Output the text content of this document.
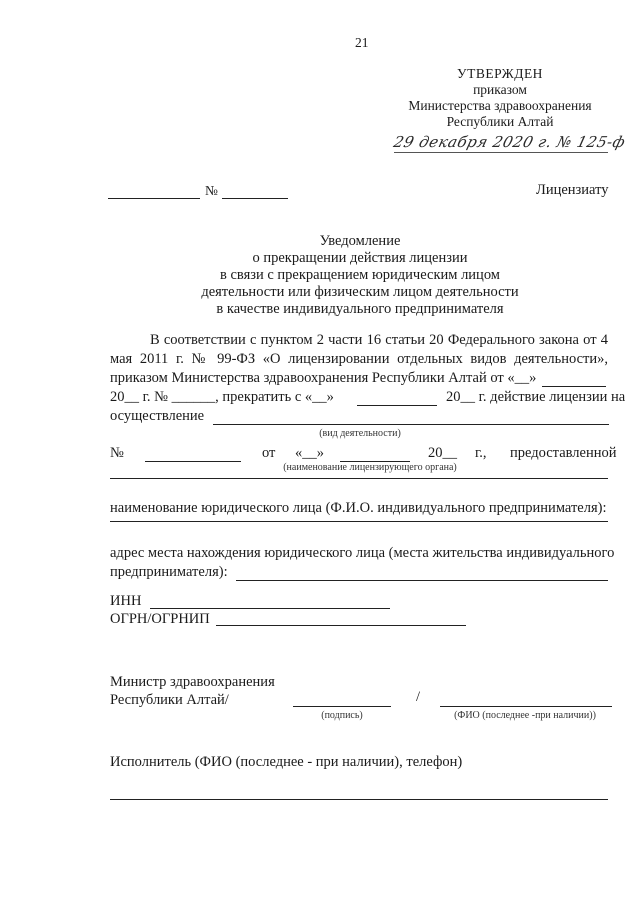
21
УТВЕРЖДЕН
приказом
Министерства здравоохранения
Республики Алтай
29 декабря 2020 г. № 125-ф
№	Лицензиату
Уведомление
о прекращении действия лицензии
в связи с прекращением юридическим лицом
деятельности или физическим лицом деятельности
в качестве индивидуального предпринимателя
В соответствии с пунктом 2 части 16 статьи 20 Федерального закона от 4
мая 2011 г. № 99-ФЗ «О лицензировании отдельных видов деятельности»,
приказом Министерства здравоохранения Республики Алтай от «__»
20__ г. № ______, прекратить с «__»	20__ г. действие лицензии на
осуществление
(вид деятельности)
№	от «__»	20__ г., предоставленной
(наименование лицензирующего органа)
наименование юридического лица (Ф.И.О. индивидуального предпринимателя):
адрес места нахождения юридического лица (места жительства индивидуального
предпринимателя):
ИНН
ОГРН/ОГРНИП
Министр здравоохранения
Республики Алтай/	/
(подпись)	(ФИО (последнее -при наличии))
Исполнитель (ФИО (последнее - при наличии), телефон)
